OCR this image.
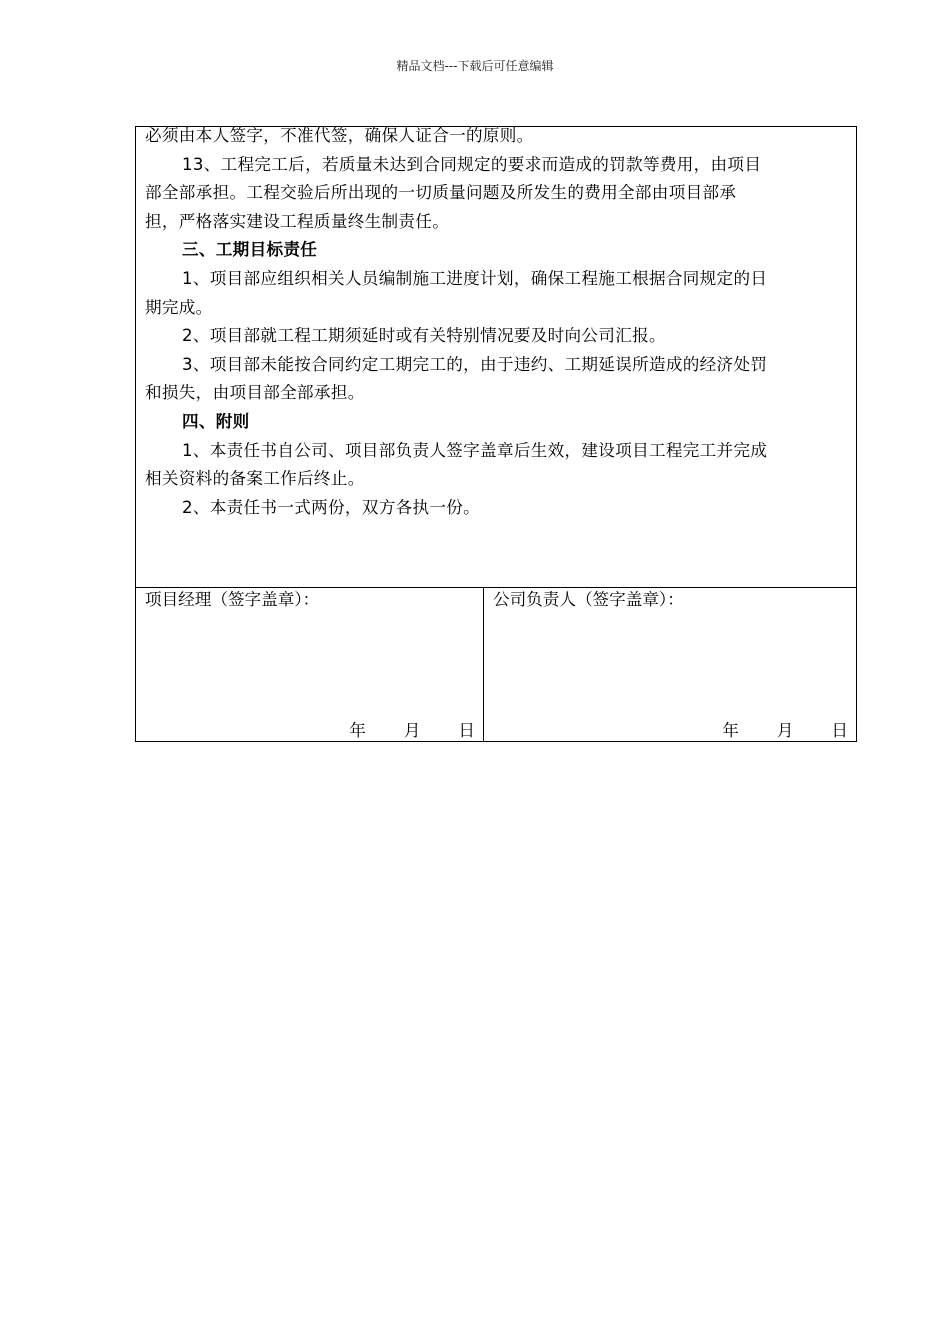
精品文档---下载后可任意编辑

必须由本人签字，不准代签，确保人证合一的原则。

13、工程完工后，若质量未达到合同规定的要求而造成的罚款等费用，由项目

部全部承担。工程交验后所出现的一切质量问题及所发生的费用全部由项目部承

担，严格落实建设工程质量终生制责任。

三、工期目标责任

1、项目部应组织相关人员编制施工进度计划，确保工程施工根据合同规定的日

期完成。

2、项目部就工程工期须延时或有关特别情况要及时向公司汇报。

3、项目部未能按合同约定工期完工的，由于违约、工期延误所造成的经济处罚

和损失，由项目部全部承担。

四、附则

1、本责任书自公司、项目部负责人签字盖章后生效，建设项目工程完工并完成

相关资料的备案工作后终止。

2、本责任书一式两份，双方各执一份。

项目经理（签字盖章）：
年 月 日
公司负责人（签字盖章）：
年 月 日
